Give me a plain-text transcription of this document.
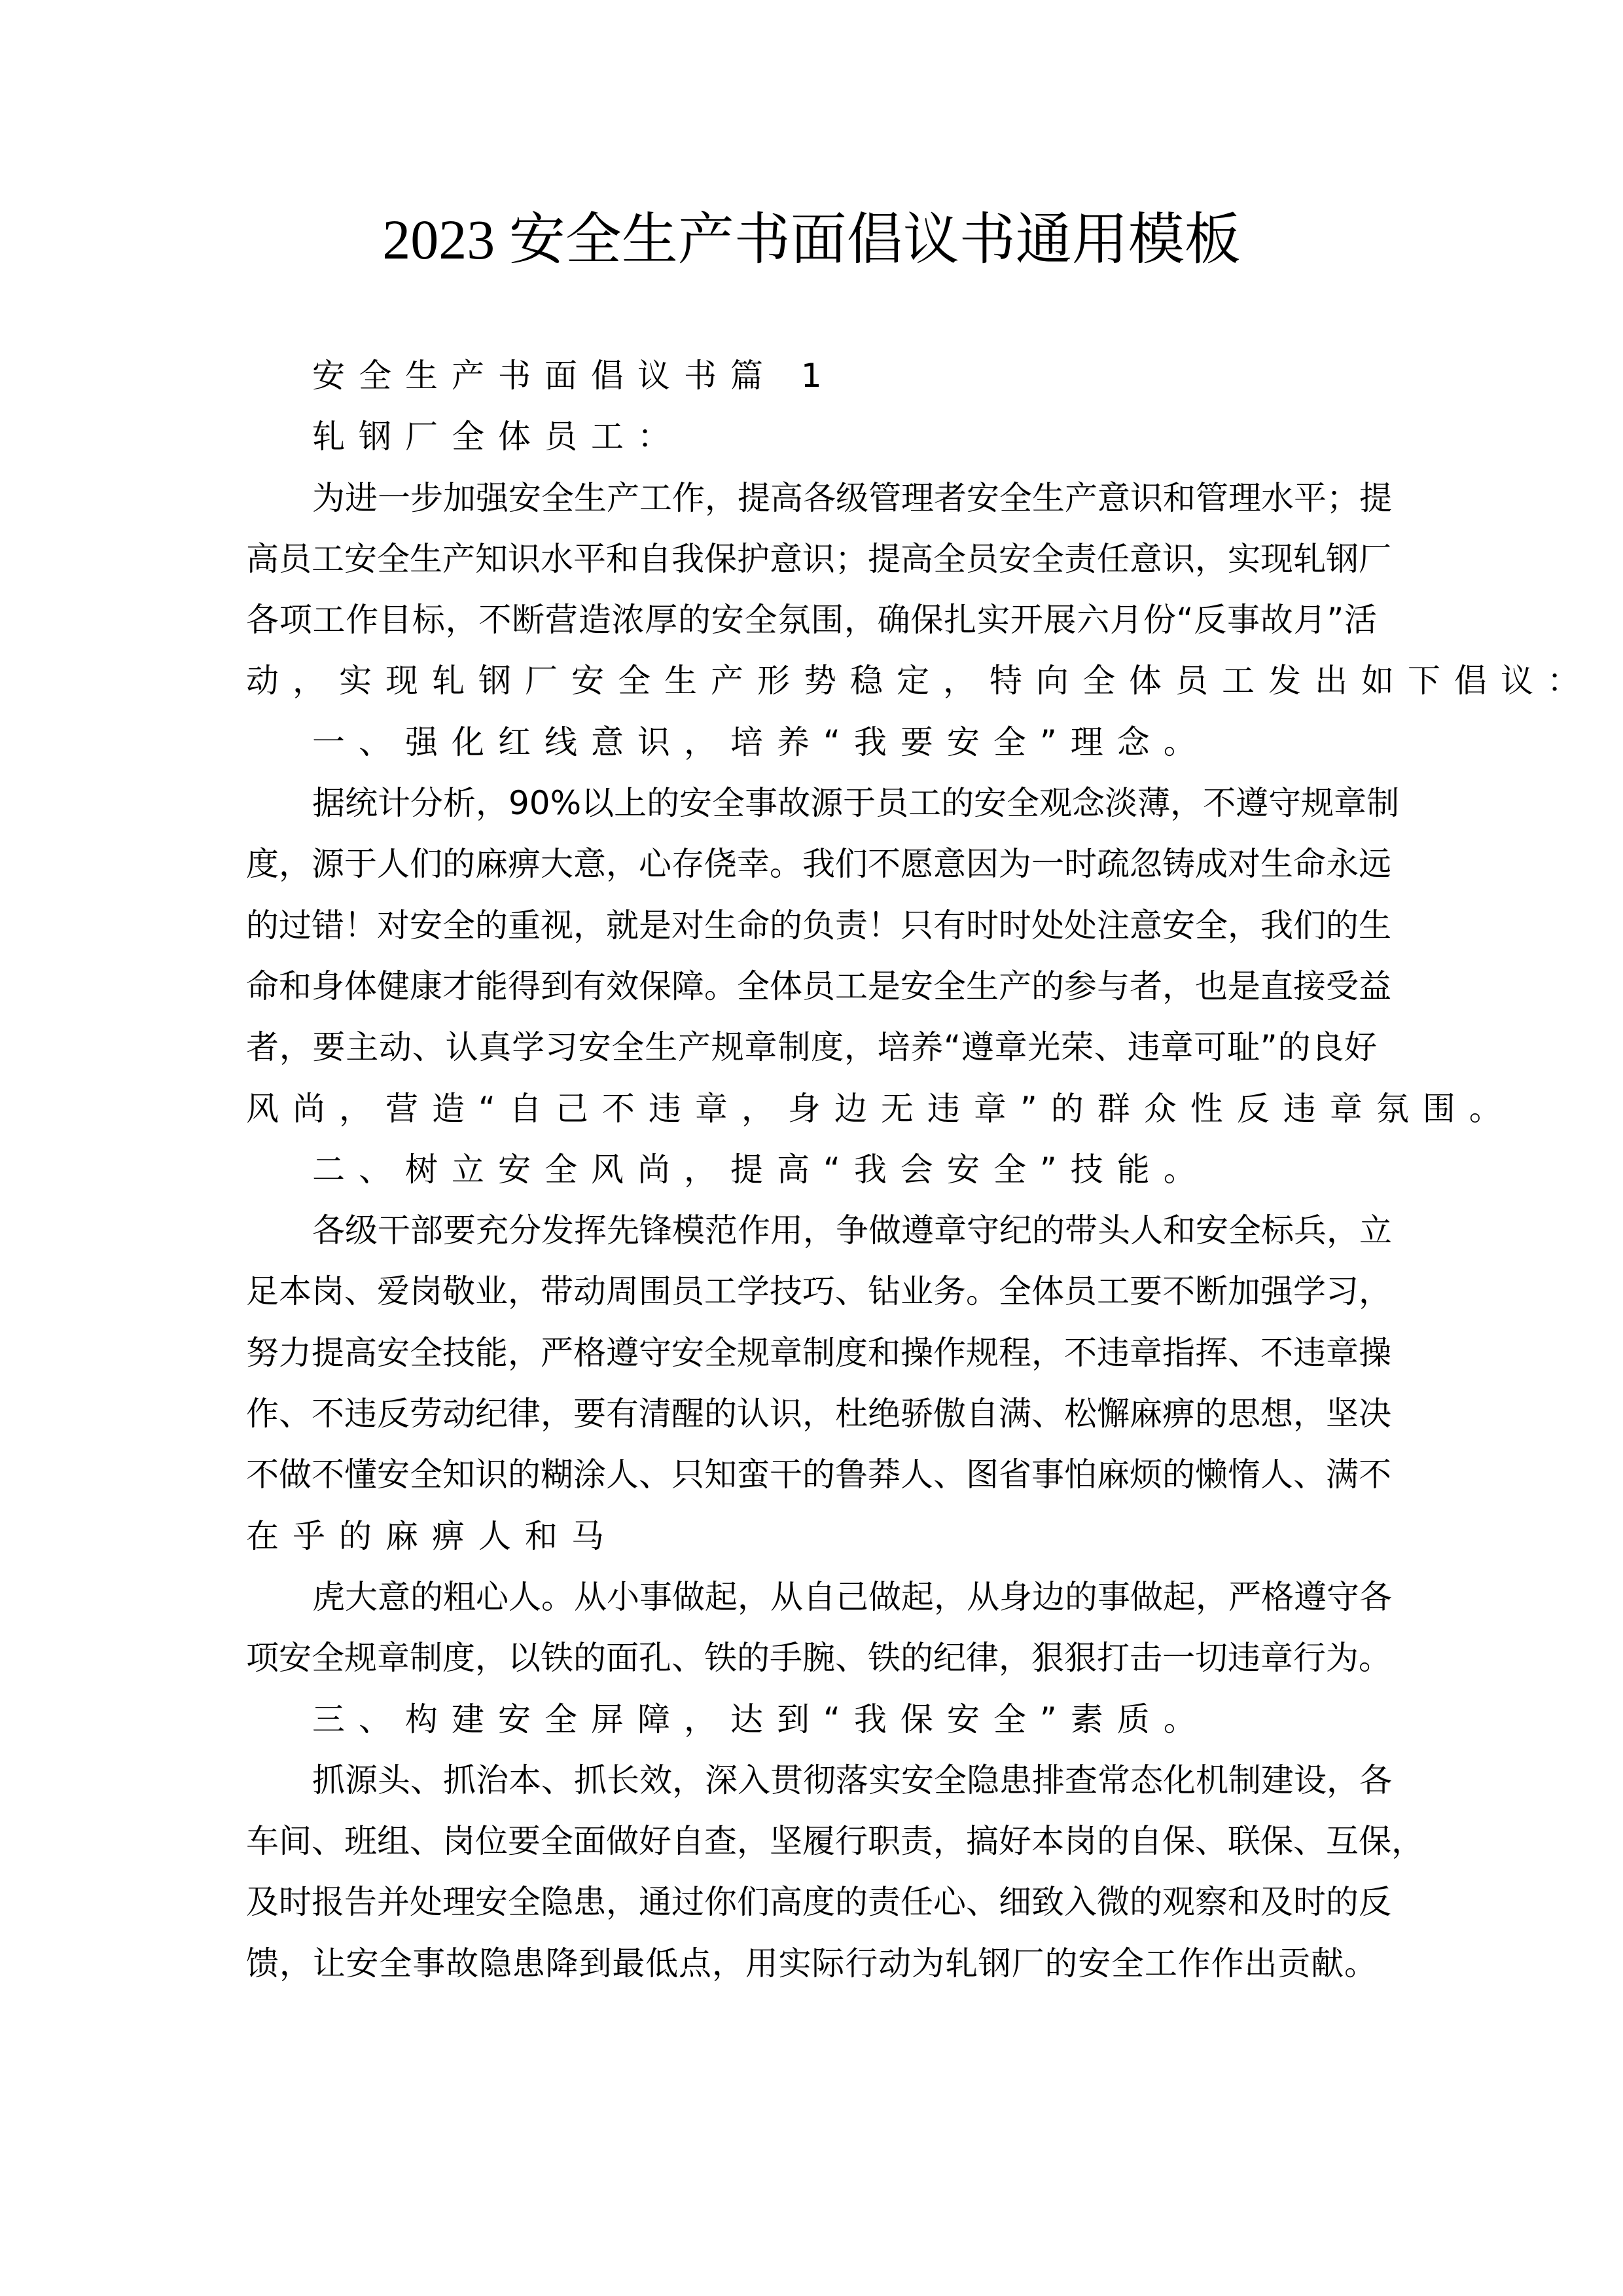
2023 安全生产书面倡议书通用模板
安全生产书面倡议书篇 1
轧钢厂全体员工：
为进一步加强安全生产工作，提高各级管理者安全生产意识和管理水平；提
高员工安全生产知识水平和自我保护意识；提高全员安全责任意识，实现轧钢厂
各项工作目标，不断营造浓厚的安全氛围，确保扎实开展六月份“反事故月”活
动，实现轧钢厂安全生产形势稳定，特向全体员工发出如下倡议：
一、强化红线意识，培养“我要安全”理念。
据统计分析，90%以上的安全事故源于员工的安全观念淡薄，不遵守规章制
度，源于人们的麻痹大意，心存侥幸。我们不愿意因为一时疏忽铸成对生命永远
的过错！对安全的重视，就是对生命的负责！只有时时处处注意安全，我们的生
命和身体健康才能得到有效保障。全体员工是安全生产的参与者，也是直接受益
者，要主动、认真学习安全生产规章制度，培养“遵章光荣、违章可耻”的良好
风尚，营造“自己不违章，身边无违章”的群众性反违章氛围。
二、树立安全风尚，提高“我会安全”技能。
各级干部要充分发挥先锋模范作用，争做遵章守纪的带头人和安全标兵，立
足本岗、爱岗敬业，带动周围员工学技巧、钻业务。全体员工要不断加强学习，
努力提高安全技能，严格遵守安全规章制度和操作规程，不违章指挥、不违章操
作、不违反劳动纪律，要有清醒的认识，杜绝骄傲自满、松懈麻痹的思想，坚决
不做不懂安全知识的糊涂人、只知蛮干的鲁莽人、图省事怕麻烦的懒惰人、满不
在乎的麻痹人和马
虎大意的粗心人。从小事做起，从自己做起，从身边的事做起，严格遵守各
项安全规章制度，以铁的面孔、铁的手腕、铁的纪律，狠狠打击一切违章行为。
三、构建安全屏障，达到“我保安全”素质。
抓源头、抓治本、抓长效，深入贯彻落实安全隐患排查常态化机制建设，各
车间、班组、岗位要全面做好自查，坚履行职责，搞好本岗的自保、联保、互保，
及时报告并处理安全隐患，通过你们高度的责任心、细致入微的观察和及时的反
馈，让安全事故隐患降到最低点，用实际行动为轧钢厂的安全工作作出贡献。
